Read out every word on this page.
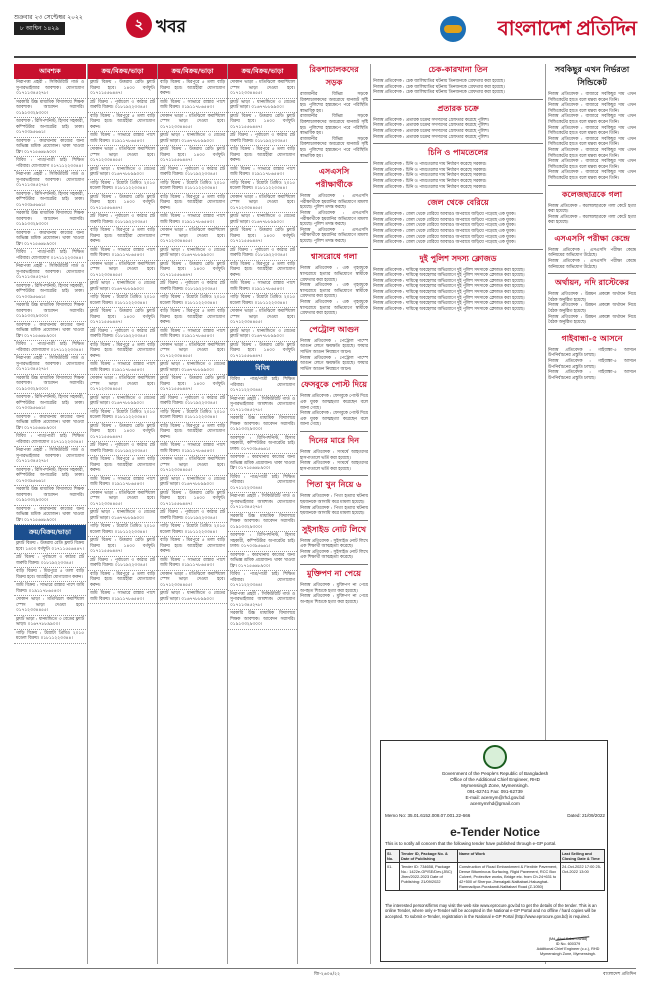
শুক্রবার ২৩ সেপ্টেম্বর ২০২২
৮ আশ্বিন ১৪২৯	২ খবর	বাংলাদেশ প্রতিদিন
আবশ্যক
নিরাপত্তা প্রহরী : সিকিউরিটি গার্ড ও সুপারভাইজার আবশ্যক। যোগাযোগ ০১৭১১৩৪৫২৭৮।
সরকারি উচ্চ মাধ্যমিক বিদ্যালয়ে শিক্ষক আবশ্যক। আবেদন সরাসরি। ০১৯১৩৩২৯৩০০।
আবশ্যক : রিসিপশনিস্ট, হিসাব সহকারী, কম্পিউটার অপারেটর চাই। ঢাকা। ০১৭০৩৯৫৬৬১।
আবশ্যক : কারখানায় কাজের জন্য অভিজ্ঞ শ্রমিক প্রয়োজন। থাকা খাওয়া ফ্রি। ০১৭১৫৬৬৮৯০০।
বিবিধ : পাত্র/পাত্রী চাই। শিক্ষিত পরিবার। যোগাযোগ ০১৭১১২২৩৩৪৪।
নিরাপত্তা প্রহরী : সিকিউরিটি গার্ড ও সুপারভাইজার আবশ্যক। যোগাযোগ ০১৭১১৩৪৫২৭৮।
আবশ্যক : রিসিপশনিস্ট, হিসাব সহকারী, কম্পিউটার অপারেটর চাই। ঢাকা। ০১৭০৩৯৫৬৬১।
সরকারি উচ্চ মাধ্যমিক বিদ্যালয়ে শিক্ষক আবশ্যক। আবেদন সরাসরি। ০১৯১৩৩২৯৩০০।
আবশ্যক : কারখানায় কাজের জন্য অভিজ্ঞ শ্রমিক প্রয়োজন। থাকা খাওয়া ফ্রি। ০১৭১৫৬৬৮৯০০।
বিবিধ : পাত্র/পাত্রী চাই। শিক্ষিত পরিবার। যোগাযোগ ০১৭১১২২৩৩৪৪।
নিরাপত্তা প্রহরী : সিকিউরিটি গার্ড ও সুপারভাইজার আবশ্যক। যোগাযোগ ০১৭১১৩৪৫২৭৮।
আবশ্যক : রিসিপশনিস্ট, হিসাব সহকারী, কম্পিউটার অপারেটর চাই। ঢাকা। ০১৭০৩৯৫৬৬১।
সরকারি উচ্চ মাধ্যমিক বিদ্যালয়ে শিক্ষক আবশ্যক। আবেদন সরাসরি। ০১৯১৩৩২৯৩০০।
আবশ্যক : কারখানায় কাজের জন্য অভিজ্ঞ শ্রমিক প্রয়োজন। থাকা খাওয়া ফ্রি। ০১৭১৫৬৬৮৯০০।
বিবিধ : পাত্র/পাত্রী চাই। শিক্ষিত পরিবার। যোগাযোগ ০১৭১১২২৩৩৪৪।
নিরাপত্তা প্রহরী : সিকিউরিটি গার্ড ও সুপারভাইজার আবশ্যক। যোগাযোগ ০১৭১১৩৪৫২৭৮।
সরকারি উচ্চ মাধ্যমিক বিদ্যালয়ে শিক্ষক আবশ্যক। আবেদন সরাসরি। ০১৯১৩৩২৯৩০০।
আবশ্যক : রিসিপশনিস্ট, হিসাব সহকারী, কম্পিউটার অপারেটর চাই। ঢাকা। ০১৭০৩৯৫৬৬১।
আবশ্যক : কারখানায় কাজের জন্য অভিজ্ঞ শ্রমিক প্রয়োজন। থাকা খাওয়া ফ্রি। ০১৭১৫৬৬৮৯০০।
বিবিধ : পাত্র/পাত্রী চাই। শিক্ষিত পরিবার। যোগাযোগ ০১৭১১২২৩৩৪৪।
নিরাপত্তা প্রহরী : সিকিউরিটি গার্ড ও সুপারভাইজার আবশ্যক। যোগাযোগ ০১৭১১৩৪৫২৭৮।
আবশ্যক : রিসিপশনিস্ট, হিসাব সহকারী, কম্পিউটার অপারেটর চাই। ঢাকা। ০১৭০৩৯৫৬৬১।
সরকারি উচ্চ মাধ্যমিক বিদ্যালয়ে শিক্ষক আবশ্যক। আবেদন সরাসরি। ০১৯১৩৩২৯৩০০।
আবশ্যক : কারখানায় কাজের জন্য অভিজ্ঞ শ্রমিক প্রয়োজন। থাকা খাওয়া ফ্রি। ০১৭১৫৬৬৮৯০০।
ক্রয়/বিক্রয়/ভাড়া
ফ্ল্যাট বিক্রয় : উত্তরায় রেডি ফ্ল্যাট বিক্রয় হবে। ১৪০০ বর্গফুট। ০১৭১১৫৫৬৪৪৭।
প্লট বিক্রয় : পূর্বাচলে ৩ কাঠার প্লট জরুরি বিক্রয়। ০১৮১৯২২৩৩৪৫।
বাড়ি বিক্রয় : মিরপুরে ৫ তলা বাড়ি বিক্রয় হবে। আগ্রহীরা যোগাযোগ করুন।
জমি বিক্রয় : সাভারে রাস্তার পাশে জমি বিক্রয়। ০১৯১১৭৮৬৫৪৩।
দোকান ভাড়া : মতিঝিলে কমার্শিয়াল স্পেস ভাড়া দেওয়া হবে। ০১৭১২৩৩৪৪৫৫।
ফ্ল্যাট ভাড়া : ধানমন্ডিতে ৩ বেডের ফ্ল্যাট ভাড়া। ০১৬৭৭৮৮৯৯০০।
গাড়ি বিক্রয় : টয়োটা প্রিমিও ২০১৫ মডেল বিক্রয়। ০১৮১১২২৩৩৪৪।
ক্রয়/বিক্রয়/ভাড়া
ফ্ল্যাট বিক্রয় : উত্তরায় রেডি ফ্ল্যাট বিক্রয় হবে। ১৪০০ বর্গফুট। ০১৭১১৫৫৬৪৪৭।
প্লট বিক্রয় : পূর্বাচলে ৩ কাঠার প্লট জরুরি বিক্রয়। ০১৮১৯২২৩৩৪৫।
বাড়ি বিক্রয় : মিরপুরে ৫ তলা বাড়ি বিক্রয় হবে। আগ্রহীরা যোগাযোগ করুন।
জমি বিক্রয় : সাভারে রাস্তার পাশে জমি বিক্রয়। ০১৯১১৭৮৬৫৪৩।
দোকান ভাড়া : মতিঝিলে কমার্শিয়াল স্পেস ভাড়া দেওয়া হবে। ০১৭১২৩৩৪৪৫৫।
ফ্ল্যাট ভাড়া : ধানমন্ডিতে ৩ বেডের ফ্ল্যাট ভাড়া। ০১৬৭৭৮৮৯৯০০।
গাড়ি বিক্রয় : টয়োটা প্রিমিও ২০১৫ মডেল বিক্রয়। ০১৮১১২২৩৩৪৪।
ফ্ল্যাট বিক্রয় : উত্তরায় রেডি ফ্ল্যাট বিক্রয় হবে। ১৪০০ বর্গফুট। ০১৭১১৫৫৬৪৪৭।
প্লট বিক্রয় : পূর্বাচলে ৩ কাঠার প্লট জরুরি বিক্রয়। ০১৮১৯২২৩৩৪৫।
বাড়ি বিক্রয় : মিরপুরে ৫ তলা বাড়ি বিক্রয় হবে। আগ্রহীরা যোগাযোগ করুন।
জমি বিক্রয় : সাভারে রাস্তার পাশে জমি বিক্রয়। ০১৯১১৭৮৬৫৪৩।
দোকান ভাড়া : মতিঝিলে কমার্শিয়াল স্পেস ভাড়া দেওয়া হবে। ০১৭১২৩৩৪৪৫৫।
ফ্ল্যাট ভাড়া : ধানমন্ডিতে ৩ বেডের ফ্ল্যাট ভাড়া। ০১৬৭৭৮৮৯৯০০।
গাড়ি বিক্রয় : টয়োটা প্রিমিও ২০১৫ মডেল বিক্রয়। ০১৮১১২২৩৩৪৪।
ফ্ল্যাট বিক্রয় : উত্তরায় রেডি ফ্ল্যাট বিক্রয় হবে। ১৪০০ বর্গফুট। ০১৭১১৫৫৬৪৪৭।
প্লট বিক্রয় : পূর্বাচলে ৩ কাঠার প্লট জরুরি বিক্রয়। ০১৮১৯২২৩৩৪৫।
বাড়ি বিক্রয় : মিরপুরে ৫ তলা বাড়ি বিক্রয় হবে। আগ্রহীরা যোগাযোগ করুন।
জমি বিক্রয় : সাভারে রাস্তার পাশে জমি বিক্রয়। ০১৯১১৭৮৬৫৪৩।
দোকান ভাড়া : মতিঝিলে কমার্শিয়াল স্পেস ভাড়া দেওয়া হবে। ০১৭১২৩৩৪৪৫৫।
ফ্ল্যাট ভাড়া : ধানমন্ডিতে ৩ বেডের ফ্ল্যাট ভাড়া। ০১৬৭৭৮৮৯৯০০।
গাড়ি বিক্রয় : টয়োটা প্রিমিও ২০১৫ মডেল বিক্রয়। ০১৮১১২২৩৩৪৪।
ফ্ল্যাট বিক্রয় : উত্তরায় রেডি ফ্ল্যাট বিক্রয় হবে। ১৪০০ বর্গফুট। ০১৭১১৫৫৬৪৪৭।
প্লট বিক্রয় : পূর্বাচলে ৩ কাঠার প্লট জরুরি বিক্রয়। ০১৮১৯২২৩৩৪৫।
বাড়ি বিক্রয় : মিরপুরে ৫ তলা বাড়ি বিক্রয় হবে। আগ্রহীরা যোগাযোগ করুন।
জমি বিক্রয় : সাভারে রাস্তার পাশে জমি বিক্রয়। ০১৯১১৭৮৬৫৪৩।
দোকান ভাড়া : মতিঝিলে কমার্শিয়াল স্পেস ভাড়া দেওয়া হবে। ০১৭১২৩৩৪৪৫৫।
ফ্ল্যাট ভাড়া : ধানমন্ডিতে ৩ বেডের ফ্ল্যাট ভাড়া। ০১৬৭৭৮৮৯৯০০।
গাড়ি বিক্রয় : টয়োটা প্রিমিও ২০১৫ মডেল বিক্রয়। ০১৮১১২২৩৩৪৪।
ফ্ল্যাট বিক্রয় : উত্তরায় রেডি ফ্ল্যাট বিক্রয় হবে। ১৪০০ বর্গফুট। ০১৭১১৫৫৬৪৪৭।
প্লট বিক্রয় : পূর্বাচলে ৩ কাঠার প্লট জরুরি বিক্রয়। ০১৮১৯২২৩৩৪৫।
বাড়ি বিক্রয় : মিরপুরে ৫ তলা বাড়ি বিক্রয় হবে। আগ্রহীরা যোগাযোগ করুন।
জমি বিক্রয় : সাভারে রাস্তার পাশে জমি বিক্রয়। ০১৯১১৭৮৬৫৪৩।
ক্রয়/বিক্রয়/ভাড়া
বাড়ি বিক্রয় : মিরপুরে ৫ তলা বাড়ি বিক্রয় হবে। আগ্রহীরা যোগাযোগ করুন।
জমি বিক্রয় : সাভারে রাস্তার পাশে জমি বিক্রয়। ০১৯১১৭৮৬৫৪৩।
দোকান ভাড়া : মতিঝিলে কমার্শিয়াল স্পেস ভাড়া দেওয়া হবে। ০১৭১২৩৩৪৪৫৫।
ফ্ল্যাট ভাড়া : ধানমন্ডিতে ৩ বেডের ফ্ল্যাট ভাড়া। ০১৬৭৭৮৮৯৯০০।
ফ্ল্যাট বিক্রয় : উত্তরায় রেডি ফ্ল্যাট বিক্রয় হবে। ১৪০০ বর্গফুট। ০১৭১১৫৫৬৪৪৭।
প্লট বিক্রয় : পূর্বাচলে ৩ কাঠার প্লট জরুরি বিক্রয়। ০১৮১৯২২৩৩৪৫।
গাড়ি বিক্রয় : টয়োটা প্রিমিও ২০১৫ মডেল বিক্রয়। ০১৮১১২২৩৩৪৪।
বাড়ি বিক্রয় : মিরপুরে ৫ তলা বাড়ি বিক্রয় হবে। আগ্রহীরা যোগাযোগ করুন।
জমি বিক্রয় : সাভারে রাস্তার পাশে জমি বিক্রয়। ০১৯১১৭৮৬৫৪৩।
দোকান ভাড়া : মতিঝিলে কমার্শিয়াল স্পেস ভাড়া দেওয়া হবে। ০১৭১২৩৩৪৪৫৫।
ফ্ল্যাট ভাড়া : ধানমন্ডিতে ৩ বেডের ফ্ল্যাট ভাড়া। ০১৬৭৭৮৮৯৯০০।
ফ্ল্যাট বিক্রয় : উত্তরায় রেডি ফ্ল্যাট বিক্রয় হবে। ১৪০০ বর্গফুট। ০১৭১১৫৫৬৪৪৭।
প্লট বিক্রয় : পূর্বাচলে ৩ কাঠার প্লট জরুরি বিক্রয়। ০১৮১৯২২৩৩৪৫।
গাড়ি বিক্রয় : টয়োটা প্রিমিও ২০১৫ মডেল বিক্রয়। ০১৮১১২২৩৩৪৪।
বাড়ি বিক্রয় : মিরপুরে ৫ তলা বাড়ি বিক্রয় হবে। আগ্রহীরা যোগাযোগ করুন।
জমি বিক্রয় : সাভারে রাস্তার পাশে জমি বিক্রয়। ০১৯১১৭৮৬৫৪৩।
দোকান ভাড়া : মতিঝিলে কমার্শিয়াল স্পেস ভাড়া দেওয়া হবে। ০১৭১২৩৩৪৪৫৫।
ফ্ল্যাট ভাড়া : ধানমন্ডিতে ৩ বেডের ফ্ল্যাট ভাড়া। ০১৬৭৭৮৮৯৯০০।
ফ্ল্যাট বিক্রয় : উত্তরায় রেডি ফ্ল্যাট বিক্রয় হবে। ১৪০০ বর্গফুট। ০১৭১১৫৫৬৪৪৭।
প্লট বিক্রয় : পূর্বাচলে ৩ কাঠার প্লট জরুরি বিক্রয়। ০১৮১৯২২৩৩৪৫।
গাড়ি বিক্রয় : টয়োটা প্রিমিও ২০১৫ মডেল বিক্রয়। ০১৮১১২২৩৩৪৪।
বাড়ি বিক্রয় : মিরপুরে ৫ তলা বাড়ি বিক্রয় হবে। আগ্রহীরা যোগাযোগ করুন।
জমি বিক্রয় : সাভারে রাস্তার পাশে জমি বিক্রয়। ০১৯১১৭৮৬৫৪৩।
দোকান ভাড়া : মতিঝিলে কমার্শিয়াল স্পেস ভাড়া দেওয়া হবে। ০১৭১২৩৩৪৪৫৫।
ফ্ল্যাট ভাড়া : ধানমন্ডিতে ৩ বেডের ফ্ল্যাট ভাড়া। ০১৬৭৭৮৮৯৯০০।
ফ্ল্যাট বিক্রয় : উত্তরায় রেডি ফ্ল্যাট বিক্রয় হবে। ১৪০০ বর্গফুট। ০১৭১১৫৫৬৪৪৭।
প্লট বিক্রয় : পূর্বাচলে ৩ কাঠার প্লট জরুরি বিক্রয়। ০১৮১৯২২৩৩৪৫।
গাড়ি বিক্রয় : টয়োটা প্রিমিও ২০১৫ মডেল বিক্রয়। ০১৮১১২২৩৩৪৪।
বাড়ি বিক্রয় : মিরপুরে ৫ তলা বাড়ি বিক্রয় হবে। আগ্রহীরা যোগাযোগ করুন।
জমি বিক্রয় : সাভারে রাস্তার পাশে জমি বিক্রয়। ০১৯১১৭৮৬৫৪৩।
দোকান ভাড়া : মতিঝিলে কমার্শিয়াল স্পেস ভাড়া দেওয়া হবে। ০১৭১২৩৩৪৪৫৫।
ফ্ল্যাট ভাড়া : ধানমন্ডিতে ৩ বেডের ফ্ল্যাট ভাড়া। ০১৬৭৭৮৮৯৯০০।
ক্রয়/বিক্রয়/ভাড়া
দোকান ভাড়া : মতিঝিলে কমার্শিয়াল স্পেস ভাড়া দেওয়া হবে। ০১৭১২৩৩৪৪৫৫।
ফ্ল্যাট ভাড়া : ধানমন্ডিতে ৩ বেডের ফ্ল্যাট ভাড়া। ০১৬৭৭৮৮৯৯০০।
ফ্ল্যাট বিক্রয় : উত্তরায় রেডি ফ্ল্যাট বিক্রয় হবে। ১৪০০ বর্গফুট। ০১৭১১৫৫৬৪৪৭।
প্লট বিক্রয় : পূর্বাচলে ৩ কাঠার প্লট জরুরি বিক্রয়। ০১৮১৯২২৩৩৪৫।
বাড়ি বিক্রয় : মিরপুরে ৫ তলা বাড়ি বিক্রয় হবে। আগ্রহীরা যোগাযোগ করুন।
জমি বিক্রয় : সাভারে রাস্তার পাশে জমি বিক্রয়। ০১৯১১৭৮৬৫৪৩।
গাড়ি বিক্রয় : টয়োটা প্রিমিও ২০১৫ মডেল বিক্রয়। ০১৮১১২২৩৩৪৪।
দোকান ভাড়া : মতিঝিলে কমার্শিয়াল স্পেস ভাড়া দেওয়া হবে। ০১৭১২৩৩৪৪৫৫।
ফ্ল্যাট ভাড়া : ধানমন্ডিতে ৩ বেডের ফ্ল্যাট ভাড়া। ০১৬৭৭৮৮৯৯০০।
ফ্ল্যাট বিক্রয় : উত্তরায় রেডি ফ্ল্যাট বিক্রয় হবে। ১৪০০ বর্গফুট। ০১৭১১৫৫৬৪৪৭।
প্লট বিক্রয় : পূর্বাচলে ৩ কাঠার প্লট জরুরি বিক্রয়। ০১৮১৯২২৩৩৪৫।
বাড়ি বিক্রয় : মিরপুরে ৫ তলা বাড়ি বিক্রয় হবে। আগ্রহীরা যোগাযোগ করুন।
জমি বিক্রয় : সাভারে রাস্তার পাশে জমি বিক্রয়। ০১৯১১৭৮৬৫৪৩।
গাড়ি বিক্রয় : টয়োটা প্রিমিও ২০১৫ মডেল বিক্রয়। ০১৮১১২২৩৩৪৪।
দোকান ভাড়া : মতিঝিলে কমার্শিয়াল স্পেস ভাড়া দেওয়া হবে। ০১৭১২৩৩৪৪৫৫।
ফ্ল্যাট ভাড়া : ধানমন্ডিতে ৩ বেডের ফ্ল্যাট ভাড়া। ০১৬৭৭৮৮৯৯০০।
ফ্ল্যাট বিক্রয় : উত্তরায় রেডি ফ্ল্যাট বিক্রয় হবে। ১৪০০ বর্গফুট। ০১৭১১৫৫৬৪৪৭।
বিবিধ
বিবিধ : পাত্র/পাত্রী চাই। শিক্ষিত পরিবার। যোগাযোগ ০১৭১১২২৩৩৪৪।
নিরাপত্তা প্রহরী : সিকিউরিটি গার্ড ও সুপারভাইজার আবশ্যক। যোগাযোগ ০১৭১১৩৪৫২৭৮।
সরকারি উচ্চ মাধ্যমিক বিদ্যালয়ে শিক্ষক আবশ্যক। আবেদন সরাসরি। ০১৯১৩৩২৯৩০০।
আবশ্যক : রিসিপশনিস্ট, হিসাব সহকারী, কম্পিউটার অপারেটর চাই। ঢাকা। ০১৭০৩৯৫৬৬১।
আবশ্যক : কারখানায় কাজের জন্য অভিজ্ঞ শ্রমিক প্রয়োজন। থাকা খাওয়া ফ্রি। ০১৭১৫৬৬৮৯০০।
বিবিধ : পাত্র/পাত্রী চাই। শিক্ষিত পরিবার। যোগাযোগ ০১৭১১২২৩৩৪৪।
নিরাপত্তা প্রহরী : সিকিউরিটি গার্ড ও সুপারভাইজার আবশ্যক। যোগাযোগ ০১৭১১৩৪৫২৭৮।
সরকারি উচ্চ মাধ্যমিক বিদ্যালয়ে শিক্ষক আবশ্যক। আবেদন সরাসরি। ০১৯১৩৩২৯৩০০।
আবশ্যক : রিসিপশনিস্ট, হিসাব সহকারী, কম্পিউটার অপারেটর চাই। ঢাকা। ০১৭০৩৯৫৬৬১।
আবশ্যক : কারখানায় কাজের জন্য অভিজ্ঞ শ্রমিক প্রয়োজন। থাকা খাওয়া ফ্রি। ০১৭১৫৬৬৮৯০০।
বিবিধ : পাত্র/পাত্রী চাই। শিক্ষিত পরিবার। যোগাযোগ ০১৭১১২২৩৩৪৪।
নিরাপত্তা প্রহরী : সিকিউরিটি গার্ড ও সুপারভাইজার আবশ্যক। যোগাযোগ ০১৭১১৩৪৫২৭৮।
সরকারি উচ্চ মাধ্যমিক বিদ্যালয়ে শিক্ষক আবশ্যক। আবেদন সরাসরি। ০১৯১৩৩২৯৩০০।
রিকশাচালকদের সড়ক
রাজধানীর বিভিন্ন সড়কে রিকশাচালকদের অবরোধে যানজট সৃষ্টি হয়। পুলিশের হস্তক্ষেপে পরে পরিস্থিতি স্বাভাবিক হয়।
রাজধানীর বিভিন্ন সড়কে রিকশাচালকদের অবরোধে যানজট সৃষ্টি হয়। পুলিশের হস্তক্ষেপে পরে পরিস্থিতি স্বাভাবিক হয়।
রাজধানীর বিভিন্ন সড়কে রিকশাচালকদের অবরোধে যানজট সৃষ্টি হয়। পুলিশের হস্তক্ষেপে পরে পরিস্থিতি স্বাভাবিক হয়।
এসএসসি পরীক্ষার্থীকে
নিজস্ব প্রতিবেদক : এসএসসি পরীক্ষার্থীকে হয়রানির অভিযোগে মামলা হয়েছে। পুলিশ তদন্ত করছে।
নিজস্ব প্রতিবেদক : এসএসসি পরীক্ষার্থীকে হয়রানির অভিযোগে মামলা হয়েছে। পুলিশ তদন্ত করছে।
নিজস্ব প্রতিবেদক : এসএসসি পরীক্ষার্থীকে হয়রানির অভিযোগে মামলা হয়েছে। পুলিশ তদন্ত করছে।
শ্বাসরোধে গলা
নিজস্ব প্রতিবেদক : এক গৃহবধূকে শ্বাসরোধে হত্যার অভিযোগে স্বামীকে গ্রেফতার করা হয়েছে।
নিজস্ব প্রতিবেদক : এক গৃহবধূকে শ্বাসরোধে হত্যার অভিযোগে স্বামীকে গ্রেফতার করা হয়েছে।
নিজস্ব প্রতিবেদক : এক গৃহবধূকে শ্বাসরোধে হত্যার অভিযোগে স্বামীকে গ্রেফতার করা হয়েছে।
পেট্রোল আগুন
নিজস্ব প্রতিবেদক : পেট্রোল পাম্পে আগুন লেগে ক্ষয়ক্ষতি হয়েছে। ফায়ার সার্ভিস আগুন নিয়ন্ত্রণে আনে।
নিজস্ব প্রতিবেদক : পেট্রোল পাম্পে আগুন লেগে ক্ষয়ক্ষতি হয়েছে। ফায়ার সার্ভিস আগুন নিয়ন্ত্রণে আনে।
ফেসবুকে পোস্ট দিয়ে
নিজস্ব প্রতিবেদক : ফেসবুকে পোস্ট দিয়ে এক যুবক আত্মহত্যা করেছেন বলে জানা গেছে।
নিজস্ব প্রতিবেদক : ফেসবুকে পোস্ট দিয়ে এক যুবক আত্মহত্যা করেছেন বলে জানা গেছে।
দিনের মারে দিন
নিজস্ব প্রতিবেদক : সংঘর্ষে আহতদের হাসপাতালে ভর্তি করা হয়েছে।
নিজস্ব প্রতিবেদক : সংঘর্ষে আহতদের হাসপাতালে ভর্তি করা হয়েছে।
পিতা খুন নিয়ে ৬
নিজস্ব প্রতিবেদক : পিতা হত্যার ঘটনায় ছয়জনকে আসামি করে মামলা হয়েছে।
নিজস্ব প্রতিবেদক : পিতা হত্যার ঘটনায় ছয়জনকে আসামি করে মামলা হয়েছে।
সুইসাইড নোট লিখে
নিজস্ব প্রতিবেদক : সুইসাইড নোট লিখে এক শিক্ষার্থী আত্মহত্যা করেছে।
নিজস্ব প্রতিবেদক : সুইসাইড নোট লিখে এক শিক্ষার্থী আত্মহত্যা করেছে।
মুক্তিপণ না পেয়ে
নিজস্ব প্রতিবেদক : মুক্তিপণ না পেয়ে অপহৃত শিশুকে হত্যা করা হয়েছে।
নিজস্ব প্রতিবেদক : মুক্তিপণ না পেয়ে অপহৃত শিশুকে হত্যা করা হয়েছে।
চেক-কারখানা তিন
নিজস্ব প্রতিবেদক : চেক জালিয়াতির ঘটনায় তিনজনকে গ্রেফতার করা হয়েছে।
নিজস্ব প্রতিবেদক : চেক জালিয়াতির ঘটনায় তিনজনকে গ্রেফতার করা হয়েছে।
নিজস্ব প্রতিবেদক : চেক জালিয়াতির ঘটনায় তিনজনকে গ্রেফতার করা হয়েছে।
প্রতারক চক্রে
নিজস্ব প্রতিবেদক : প্রতারক চক্রের সদস্যদের গ্রেফতার করেছে পুলিশ।
নিজস্ব প্রতিবেদক : প্রতারক চক্রের সদস্যদের গ্রেফতার করেছে পুলিশ।
নিজস্ব প্রতিবেদক : প্রতারক চক্রের সদস্যদের গ্রেফতার করেছে পুলিশ।
নিজস্ব প্রতিবেদক : প্রতারক চক্রের সদস্যদের গ্রেফতার করেছে পুলিশ।
চিনি ও পামতেলের
নিজস্ব প্রতিবেদক : চিনি ও পামতেলের দাম নির্ধারণ করেছে সরকার।
নিজস্ব প্রতিবেদক : চিনি ও পামতেলের দাম নির্ধারণ করেছে সরকার।
নিজস্ব প্রতিবেদক : চিনি ও পামতেলের দাম নির্ধারণ করেছে সরকার।
নিজস্ব প্রতিবেদক : চিনি ও পামতেলের দাম নির্ধারণ করেছে সরকার।
নিজস্ব প্রতিবেদক : চিনি ও পামতেলের দাম নির্ধারণ করেছে সরকার।
জেল থেকে বেরিয়ে
নিজস্ব প্রতিবেদক : জেল থেকে বেরিয়ে আবারও অপরাধে জড়িয়ে পড়েছে এক যুবক।
নিজস্ব প্রতিবেদক : জেল থেকে বেরিয়ে আবারও অপরাধে জড়িয়ে পড়েছে এক যুবক।
নিজস্ব প্রতিবেদক : জেল থেকে বেরিয়ে আবারও অপরাধে জড়িয়ে পড়েছে এক যুবক।
নিজস্ব প্রতিবেদক : জেল থেকে বেরিয়ে আবারও অপরাধে জড়িয়ে পড়েছে এক যুবক।
নিজস্ব প্রতিবেদক : জেল থেকে বেরিয়ে আবারও অপরাধে জড়িয়ে পড়েছে এক যুবক।
নিজস্ব প্রতিবেদক : জেল থেকে বেরিয়ে আবারও অপরাধে জড়িয়ে পড়েছে এক যুবক।
দুই পুলিশ সদস্য ক্লোজড
নিজস্ব প্রতিবেদক : দায়িত্বে অবহেলার অভিযোগে দুই পুলিশ সদস্যকে ক্লোজড করা হয়েছে।
নিজস্ব প্রতিবেদক : দায়িত্বে অবহেলার অভিযোগে দুই পুলিশ সদস্যকে ক্লোজড করা হয়েছে।
নিজস্ব প্রতিবেদক : দায়িত্বে অবহেলার অভিযোগে দুই পুলিশ সদস্যকে ক্লোজড করা হয়েছে।
নিজস্ব প্রতিবেদক : দায়িত্বে অবহেলার অভিযোগে দুই পুলিশ সদস্যকে ক্লোজড করা হয়েছে।
নিজস্ব প্রতিবেদক : দায়িত্বে অবহেলার অভিযোগে দুই পুলিশ সদস্যকে ক্লোজড করা হয়েছে।
নিজস্ব প্রতিবেদক : দায়িত্বে অবহেলার অভিযোগে দুই পুলিশ সদস্যকে ক্লোজড করা হয়েছে।
নিজস্ব প্রতিবেদক : দায়িত্বে অবহেলার অভিযোগে দুই পুলিশ সদস্যকে ক্লোজড করা হয়েছে।
নিজস্ব প্রতিবেদক : দায়িত্বে অবহেলার অভিযোগে দুই পুলিশ সদস্যকে ক্লোজড করা হয়েছে।
সবকিছুর এখন নির্ভরতা সিন্ডিকেট
নিজস্ব প্রতিবেদক : বাজারে সবকিছুর দাম এখন সিন্ডিকেটের হাতে বলে মন্তব্য করেন তিনি।
নিজস্ব প্রতিবেদক : বাজারে সবকিছুর দাম এখন সিন্ডিকেটের হাতে বলে মন্তব্য করেন তিনি।
নিজস্ব প্রতিবেদক : বাজারে সবকিছুর দাম এখন সিন্ডিকেটের হাতে বলে মন্তব্য করেন তিনি।
নিজস্ব প্রতিবেদক : বাজারে সবকিছুর দাম এখন সিন্ডিকেটের হাতে বলে মন্তব্য করেন তিনি।
নিজস্ব প্রতিবেদক : বাজারে সবকিছুর দাম এখন সিন্ডিকেটের হাতে বলে মন্তব্য করেন তিনি।
নিজস্ব প্রতিবেদক : বাজারে সবকিছুর দাম এখন সিন্ডিকেটের হাতে বলে মন্তব্য করেন তিনি।
নিজস্ব প্রতিবেদক : বাজারে সবকিছুর দাম এখন সিন্ডিকেটের হাতে বলে মন্তব্য করেন তিনি।
নিজস্ব প্রতিবেদক : বাজারে সবকিছুর দাম এখন সিন্ডিকেটের হাতে বলে মন্তব্য করেন তিনি।
কলেজছাত্রকে গলা
নিজস্ব প্রতিবেদক : কলেজছাত্রকে গলা কেটে হত্যা করা হয়েছে।
নিজস্ব প্রতিবেদক : কলেজছাত্রকে গলা কেটে হত্যা করা হয়েছে।
এসএসসি পরীক্ষা কেন্দ্রে
নিজস্ব প্রতিবেদক : এসএসসি পরীক্ষা কেন্দ্রে অনিয়মের অভিযোগ উঠেছে।
নিজস্ব প্রতিবেদক : এসএসসি পরীক্ষা কেন্দ্রে অনিয়মের অভিযোগ উঠেছে।
অর্থায়ন, নদি রাস্টেকের
নিজস্ব প্রতিবেদক : উন্নয়ন প্রকল্পে অর্থায়ন নিয়ে বৈঠক অনুষ্ঠিত হয়েছে।
নিজস্ব প্রতিবেদক : উন্নয়ন প্রকল্পে অর্থায়ন নিয়ে বৈঠক অনুষ্ঠিত হয়েছে।
নিজস্ব প্রতিবেদক : উন্নয়ন প্রকল্পে অর্থায়ন নিয়ে বৈঠক অনুষ্ঠিত হয়েছে।
গাইবান্ধা-৫ আসনে
নিজস্ব প্রতিবেদক : গাইবান্ধা-৫ আসনে উপনির্বাচনের প্রস্তুতি চলছে।
নিজস্ব প্রতিবেদক : গাইবান্ধা-৫ আসনে উপনির্বাচনের প্রস্তুতি চলছে।
নিজস্ব প্রতিবেদক : গাইবান্ধা-৫ আসনে উপনির্বাচনের প্রস্তুতি চলছে।
Government of the People's Republic of Bangladesh
Office of the Additional Chief Engineer, RHD
Mymensingh Zone, Mymensingh.
091-62741 Fax: 091-62739
E-mail: acemym@rhd.gov.bd
acemymrhd@gmail.com
Memo No: 35.01.6152.008.07.001.22-666	Dated: 21/09/2022
e-Tender Notice
This is to notify all concern that the following tender have published through e-GP portal.
Sl. No.	Tender ID, Package No. & Date of Publishing	Name of Work	Last Selling and Closing Date & Time
01.	Tender ID: 734658, Package No.: 1422e-GP/SE/Dev.(JBC) Jhen/2022-2023 Date of Publishing: 21/09/2022	Construction of Road Embankment & Flexible Pavement, Dense Bituminous Surfacing, Rigid Pavement, RCC Box Culvert, Protective works, Bridge etc. from Ch.24+631 to 42+500 of Sherpur-Jhenaigati-Nalitabari-Haluaghat-Ramnadipur-Purakandi-Nalitabari Road (Z-1050)	24-Oct-2022 17:00 25-Oct-2022 13:00
The interested persons/firms may visit the web site www.eprocure.gov.bd to get the details of the tender. This is an online Tender, where only e-Tender will be accepted in the National e-GP Portal and no offline / hard copies will be accepted. To submit e-Tender, registration in the National e-GP Portal (http://www.eprocure.gov.bd) is required.
(Md. Abul Kalam Azad)
ID No. 600379
Additional Chief Engineer (c.c.), RHD
Mymensingh Zone, Mymensingh.
জি-২৬০৪/২২	বাংলাদেশ প্রতিদিন
